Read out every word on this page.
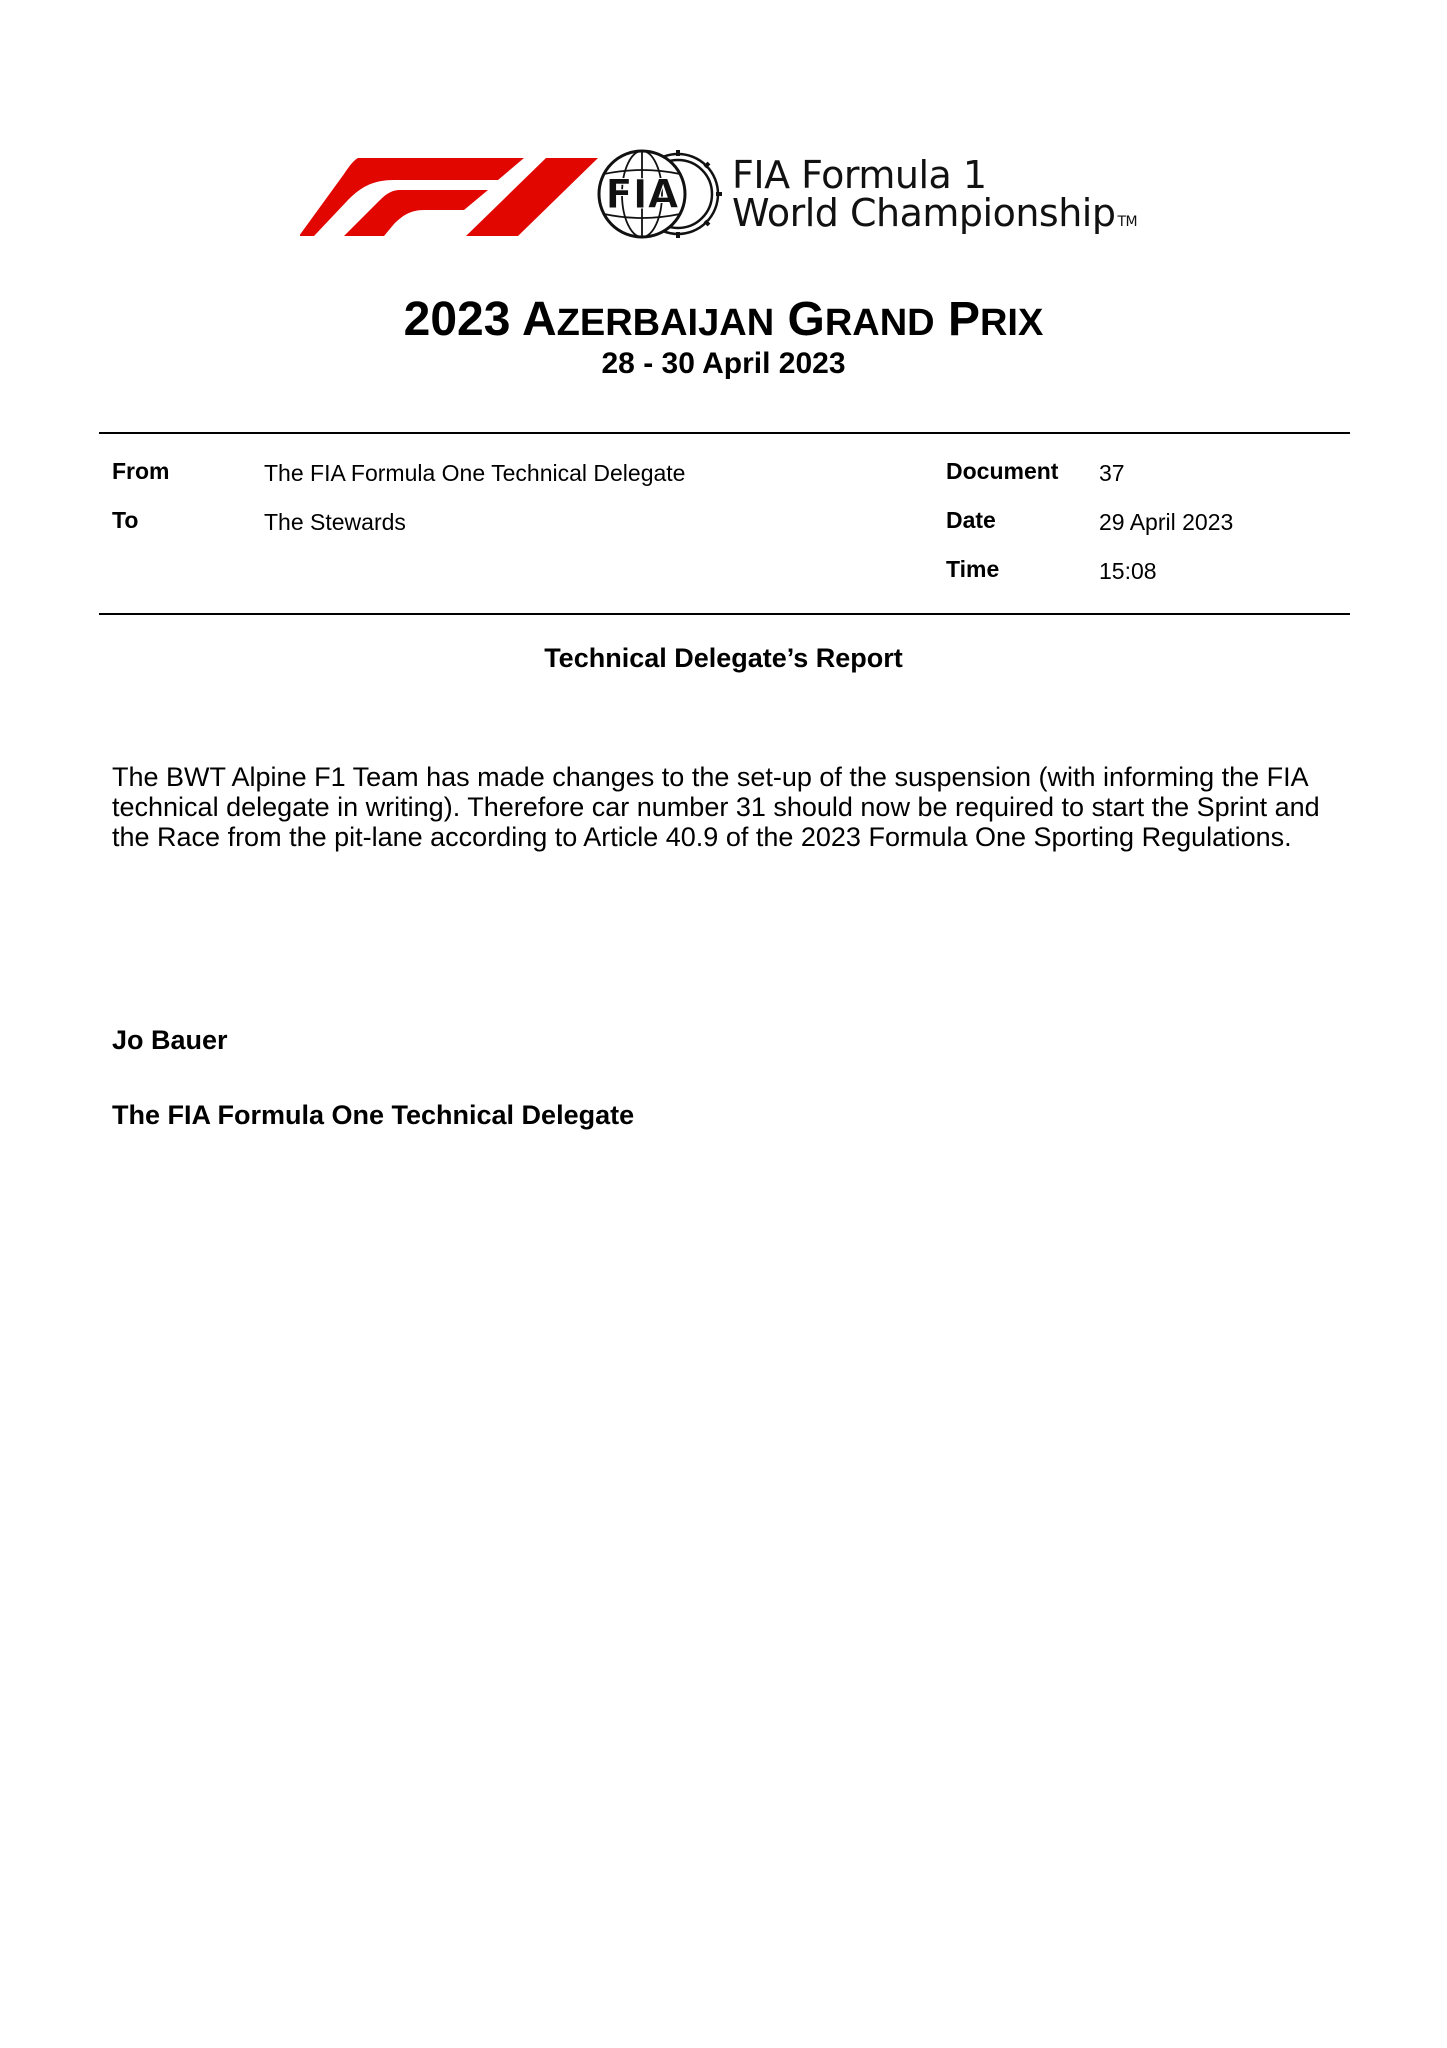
FIA FIA Formula 1
World Championship TM
2023 AZERBAIJAN GRAND PRIX
28 - 30 April 2023
From	The FIA Formula One Technical Delegate
To	The Stewards
Document 37
Date	29 April 2023
Time	15:08
Technical Delegate’s Report
The BWT Alpine F1 Team has made changes to the set-up of the suspension (with informing the FIA technical delegate in writing). Therefore car number 31 should now be required to start the Sprint and the Race from the pit-lane according to Article 40.9 of the 2023 Formula One Sporting Regulations.
Jo Bauer
The FIA Formula One Technical Delegate
